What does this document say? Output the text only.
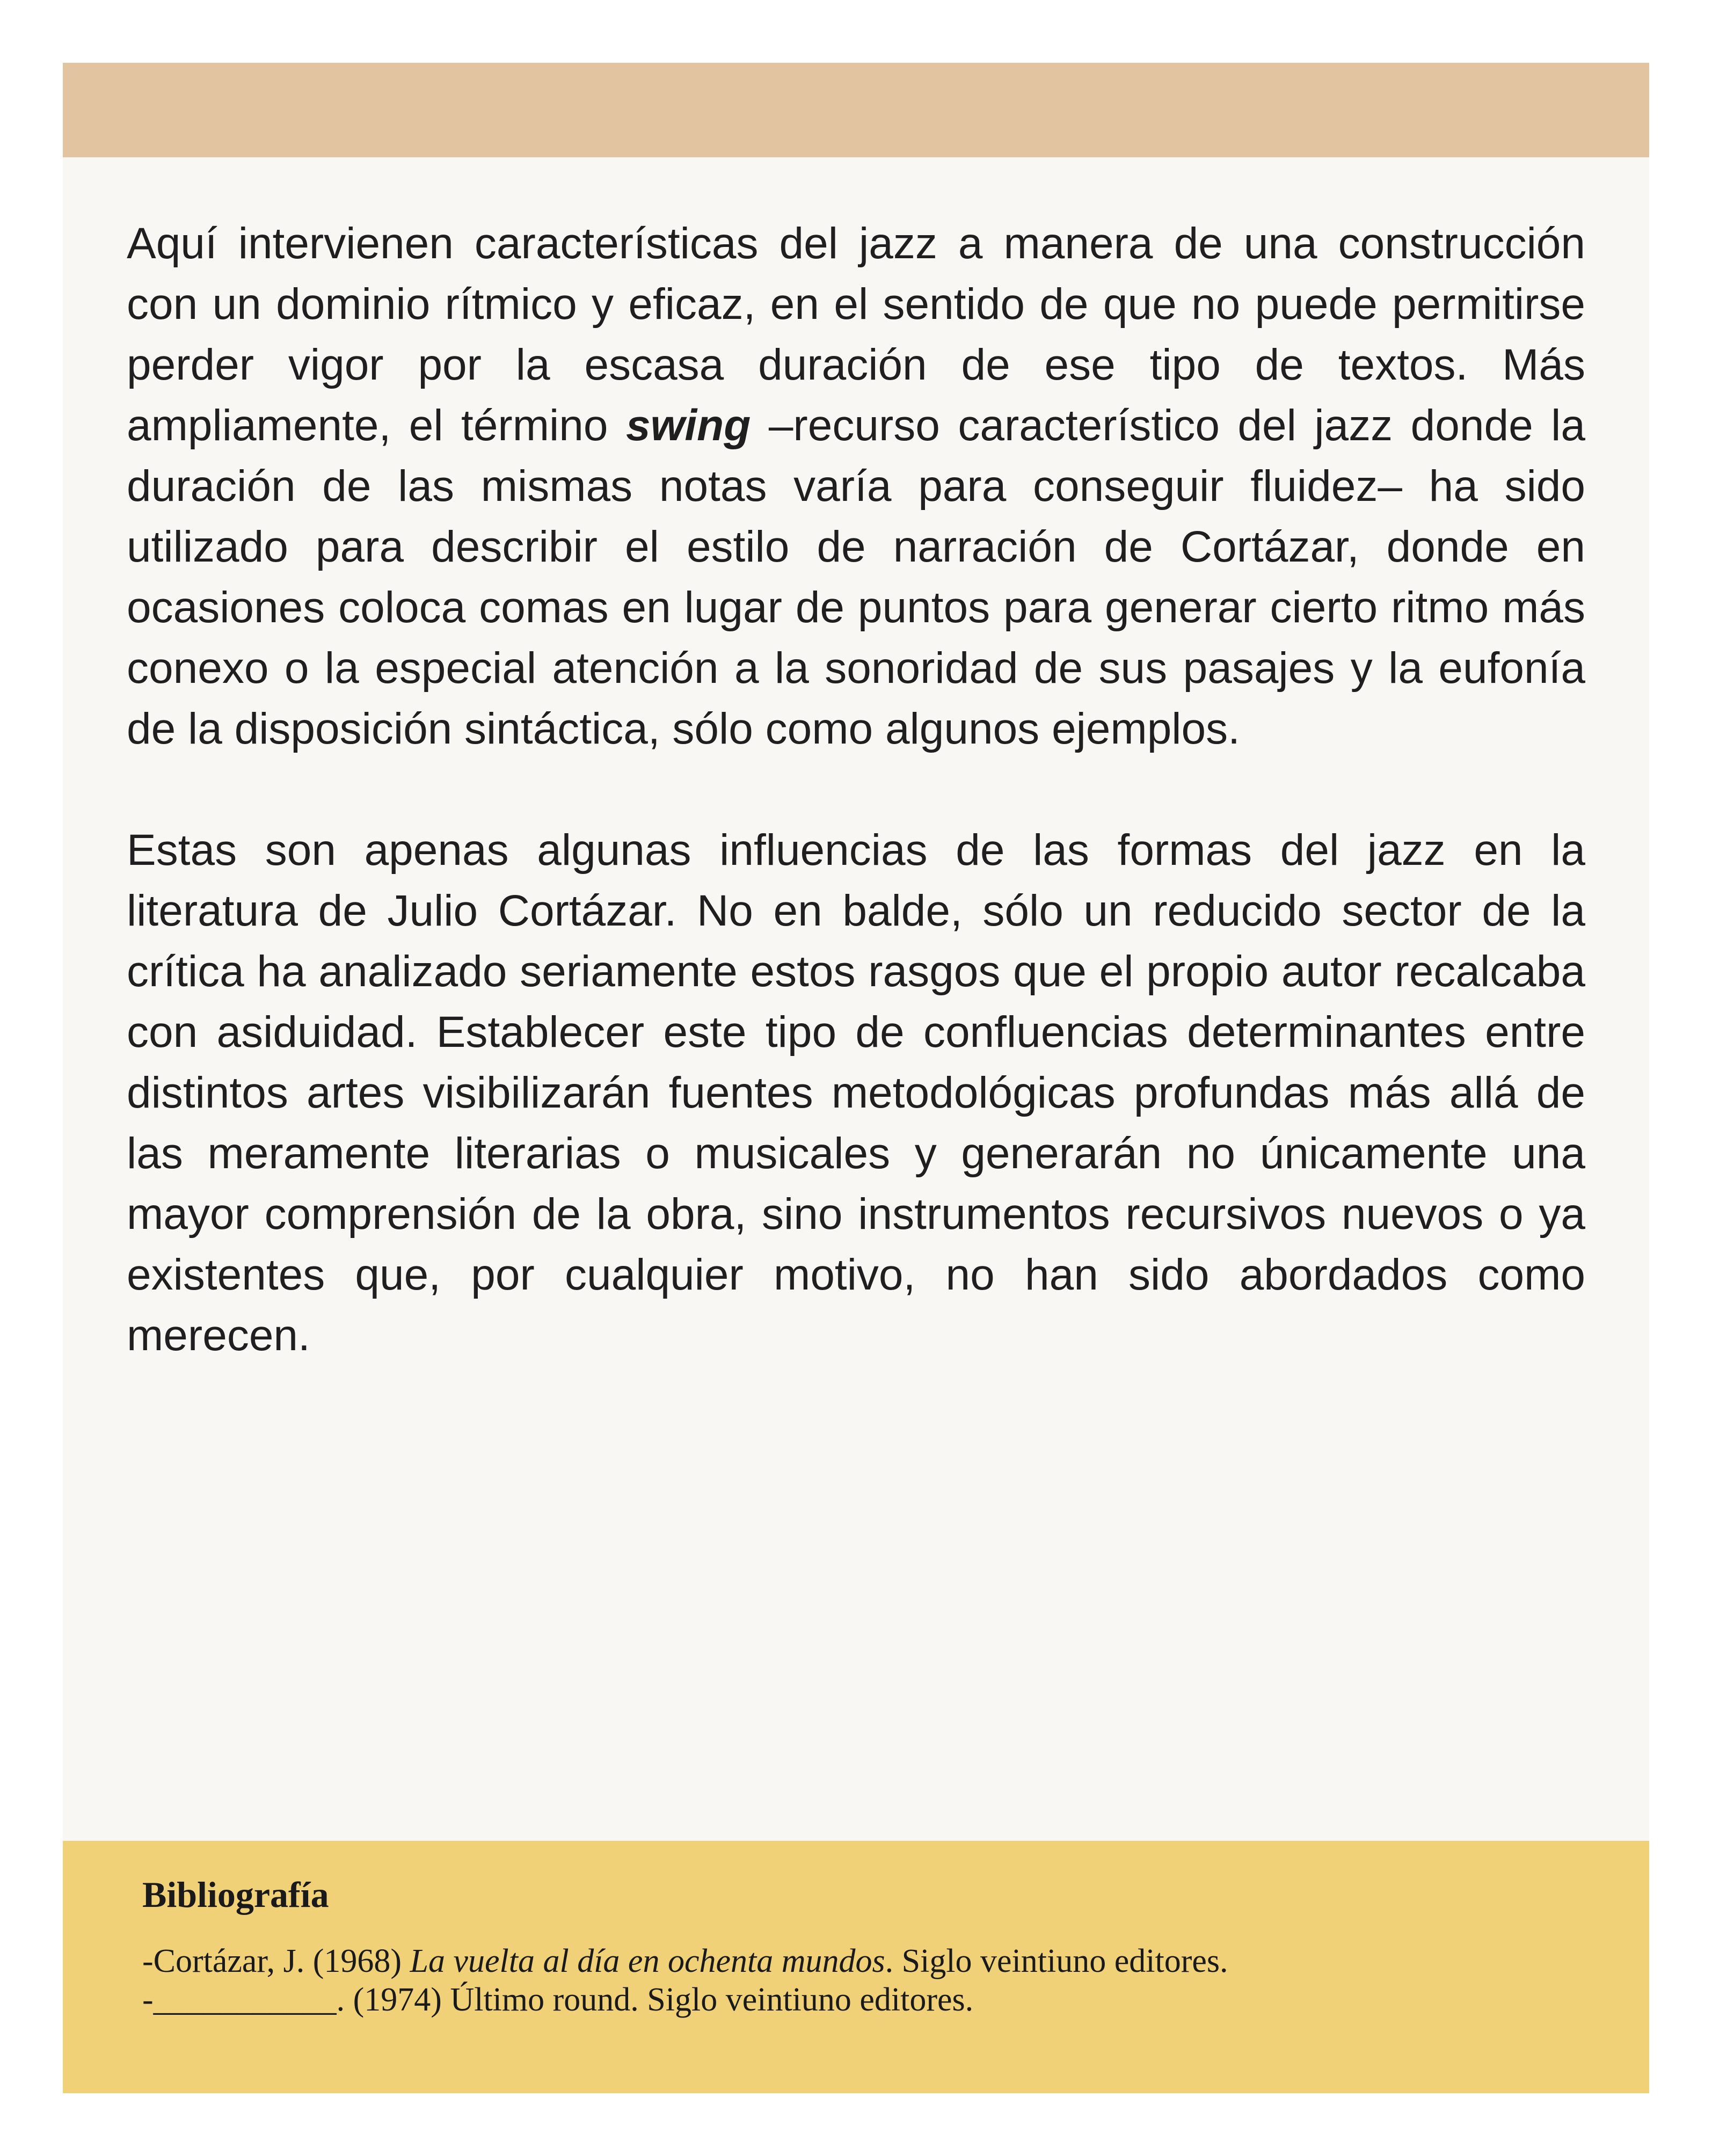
Aquí intervienen características del jazz a manera de una construcción con un dominio rítmico y eficaz, en el sentido de que no puede permitirse perder vigor por la escasa duración de ese tipo de textos. Más ampliamente, el término swing –recurso característico del jazz donde la duración de las mismas notas varía para conseguir fluidez– ha sido utilizado para describir el estilo de narración de Cortázar, donde en ocasiones coloca comas en lugar de puntos para generar cierto ritmo más conexo o la especial atención a la sonoridad de sus pasajes y la eufonía de la disposición sintáctica, sólo como algunos ejemplos.

Estas son apenas algunas influencias de las formas del jazz en la literatura de Julio Cortázar. No en balde, sólo un reducido sector de la crítica ha analizado seriamente estos rasgos que el propio autor recalcaba con asiduidad. Establecer este tipo de confluencias determinantes entre distintos artes visibilizarán fuentes metodológicas profundas más allá de las meramente literarias o musicales y generarán no únicamente una mayor comprensión de la obra, sino instrumentos recursivos nuevos o ya existentes que, por cualquier motivo, no han sido abordados como merecen.

Bibliografía
-Cortázar, J. (1968) La vuelta al día en ochenta mundos. Siglo veintiuno editores.
-___________. (1974) Último round. Siglo veintiuno editores.
